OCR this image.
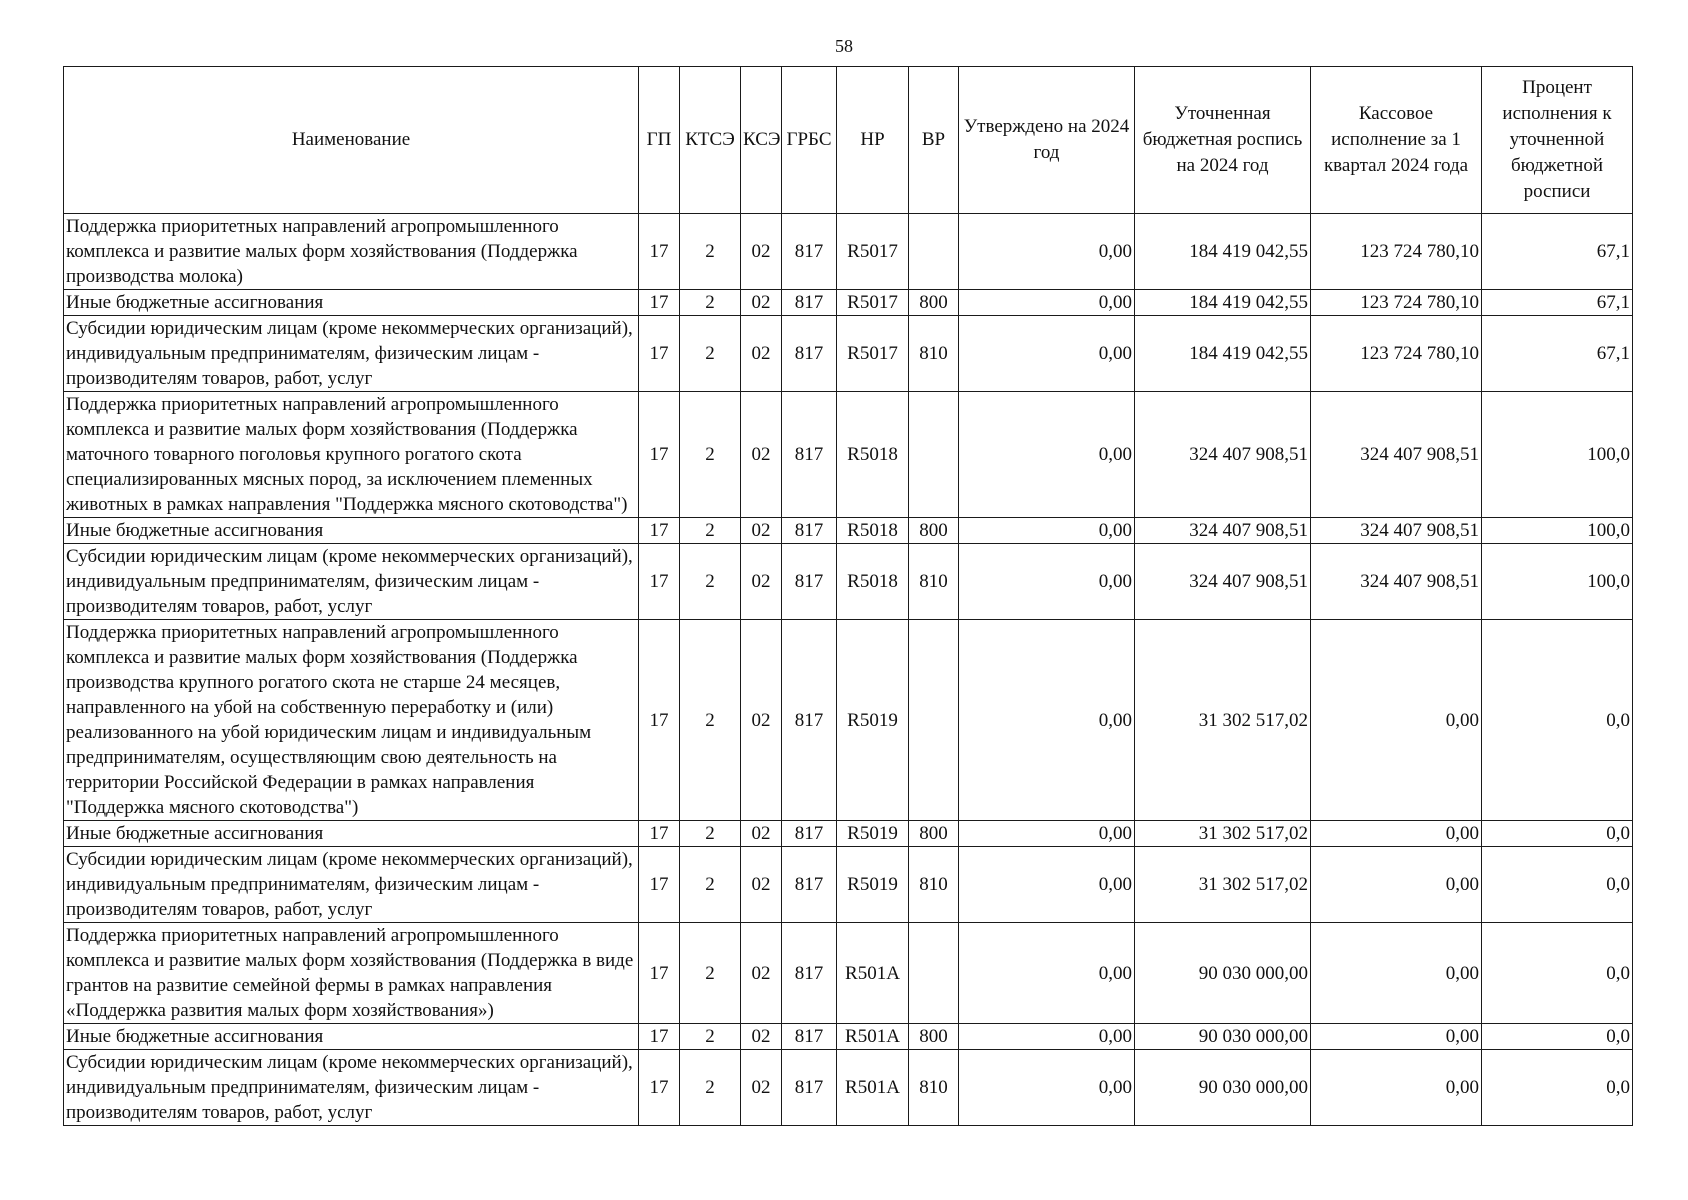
58
Наименование	ГП	КТСЭ	КСЭ	ГРБС	НР	ВР	Утверждено на 2024 год	Уточненная бюджетная роспись на 2024 год	Кассовое исполнение за 1 квартал 2024 года	Процент исполнения к уточненной бюджетной росписи
Поддержка приоритетных направлений агропромышленного комплекса и развитие малых форм хозяйствования (Поддержка производства молока)	17	2	02	817	R5017		0,00	184 419 042,55	123 724 780,10	67,1
Иные бюджетные ассигнования	17	2	02	817	R5017	800	0,00	184 419 042,55	123 724 780,10	67,1
Субсидии юридическим лицам (кроме некоммерческих организаций), индивидуальным предпринимателям, физическим лицам - производителям товаров, работ, услуг	17	2	02	817	R5017	810	0,00	184 419 042,55	123 724 780,10	67,1
Поддержка приоритетных направлений агропромышленного комплекса и развитие малых форм хозяйствования (Поддержка маточного товарного поголовья крупного рогатого скота специализированных мясных пород, за исключением племенных животных в рамках направления "Поддержка мясного скотоводства")	17	2	02	817	R5018		0,00	324 407 908,51	324 407 908,51	100,0
Иные бюджетные ассигнования	17	2	02	817	R5018	800	0,00	324 407 908,51	324 407 908,51	100,0
Субсидии юридическим лицам (кроме некоммерческих организаций), индивидуальным предпринимателям, физическим лицам - производителям товаров, работ, услуг	17	2	02	817	R5018	810	0,00	324 407 908,51	324 407 908,51	100,0
Поддержка приоритетных направлений агропромышленного комплекса и развитие малых форм хозяйствования (Поддержка производства крупного рогатого скота не старше 24 месяцев, направленного на убой на собственную переработку и (или) реализованного на убой юридическим лицам и индивидуальным предпринимателям, осуществляющим свою деятельность на территории Российской Федерации в рамках направления "Поддержка мясного скотоводства")	17	2	02	817	R5019		0,00	31 302 517,02	0,00	0,0
Иные бюджетные ассигнования	17	2	02	817	R5019	800	0,00	31 302 517,02	0,00	0,0
Субсидии юридическим лицам (кроме некоммерческих организаций), индивидуальным предпринимателям, физическим лицам - производителям товаров, работ, услуг	17	2	02	817	R5019	810	0,00	31 302 517,02	0,00	0,0
Поддержка приоритетных направлений агропромышленного комплекса и развитие малых форм хозяйствования (Поддержка в виде грантов на развитие семейной фермы в рамках направления «Поддержка развития малых форм хозяйствования»)	17	2	02	817	R501A		0,00	90 030 000,00	0,00	0,0
Иные бюджетные ассигнования	17	2	02	817	R501A	800	0,00	90 030 000,00	0,00	0,0
Субсидии юридическим лицам (кроме некоммерческих организаций), индивидуальным предпринимателям, физическим лицам - производителям товаров, работ, услуг	17	2	02	817	R501A	810	0,00	90 030 000,00	0,00	0,0
